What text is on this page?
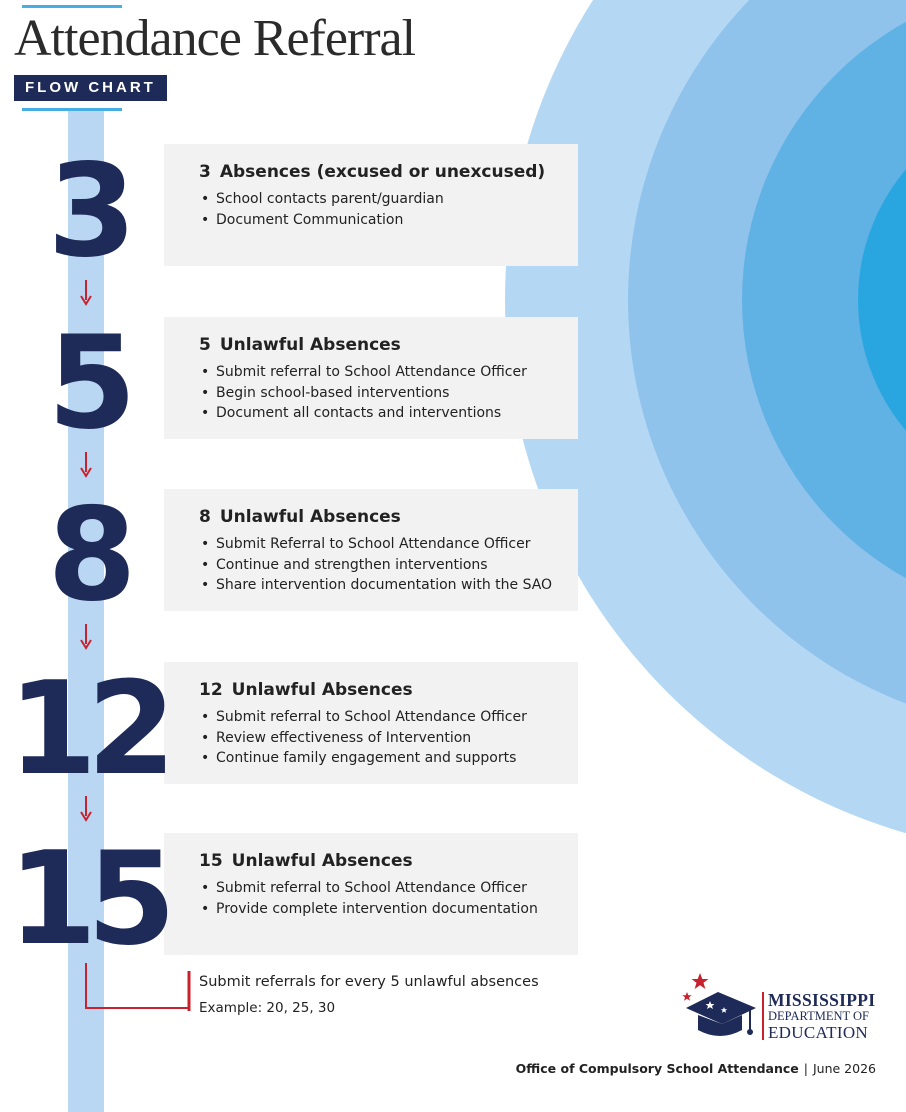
Attendance Referral
FLOW CHART
3	3 Absences (excused or unexcused)
• School contacts parent/guardian
• Document Communication
5	5 Unlawful Absences
• Submit referral to School Attendance Officer
• Begin school-based interventions
• Document all contacts and interventions
8	8 Unlawful Absences
• Submit Referral to School Attendance Officer
• Continue and strengthen interventions
• Share intervention documentation with the SAO
12	12 Unlawful Absences
• Submit referral to School Attendance Officer
• Review effectiveness of Intervention
• Continue family engagement and supports
15	15 Unlawful Absences
• Submit referral to School Attendance Officer
• Provide complete intervention documentation
Submit referrals for every 5 unlawful absences
Example: 20, 25, 30	MISSISSIPPI
DEPARTMENT OF
EDUCATION
Office of Compulsory School Attendance | June 2026
